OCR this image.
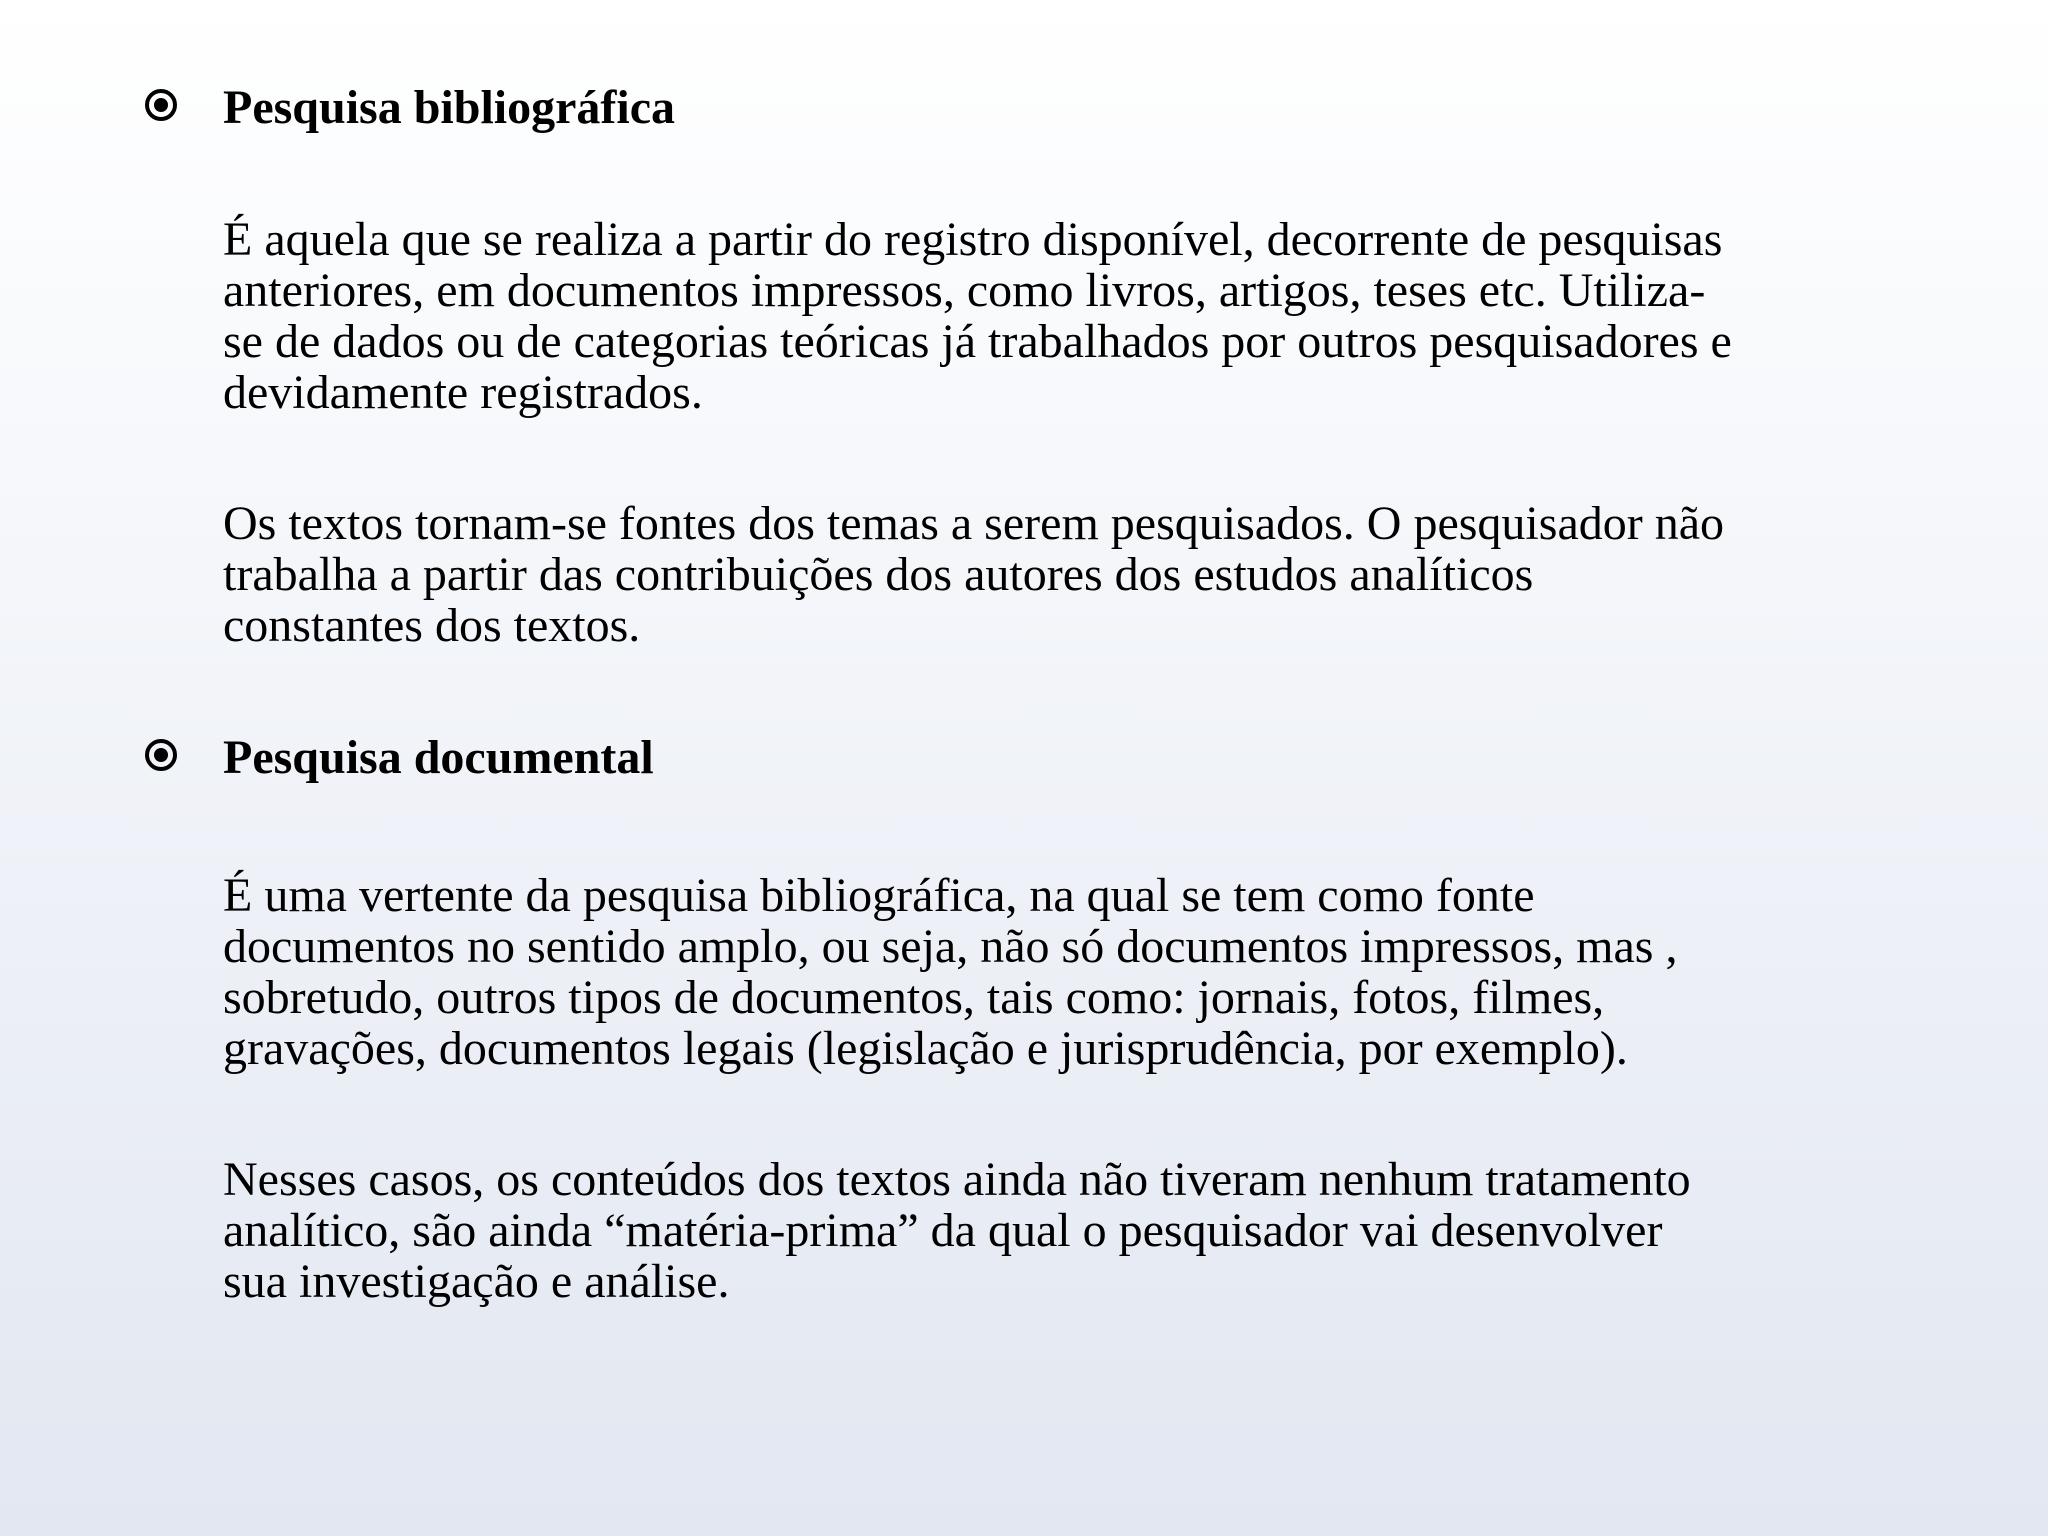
Pesquisa bibliográfica

É aquela que se realiza a partir do registro disponível, decorrente de pesquisas
anteriores, em documentos impressos, como livros, artigos, teses etc. Utiliza-
se de dados ou de categorias teóricas já trabalhados por outros pesquisadores e
devidamente registrados.

Os textos tornam-se fontes dos temas a serem pesquisados. O pesquisador não
trabalha a partir das contribuições dos autores dos estudos analíticos
constantes dos textos.

Pesquisa documental

É uma vertente da pesquisa bibliográfica, na qual se tem como fonte
documentos no sentido amplo, ou seja, não só documentos impressos, mas ,
sobretudo, outros tipos de documentos, tais como: jornais, fotos, filmes,
gravações, documentos legais (legislação e jurisprudência, por exemplo).

Nesses casos, os conteúdos dos textos ainda não tiveram nenhum tratamento
analítico, são ainda “matéria-prima” da qual o pesquisador vai desenvolver
sua investigação e análise.
